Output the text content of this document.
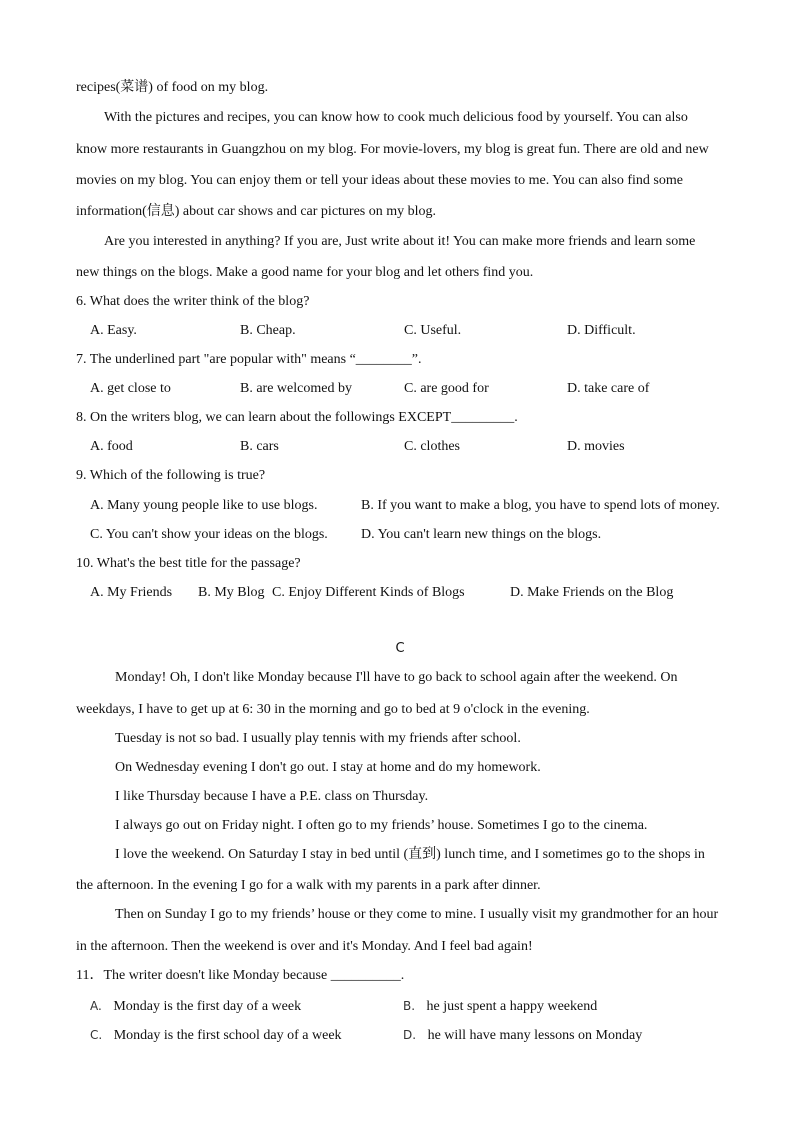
recipes(菜谱) of food on my blog.
With the pictures and recipes, you can know how to cook much delicious food by yourself. You can also
know more restaurants in Guangzhou on my blog. For movie-lovers, my blog is great fun. There are old and new
movies on my blog. You can enjoy them or tell your ideas about these movies to me. You can also find some
information(信息) about car shows and car pictures on my blog.
Are you interested in anything? If you are, Just write about it! You can make more friends and learn some
new things on the blogs. Make a good name for your blog and let others find you.
6. What does the writer think of the blog?
A. Easy.	B. Cheap.	C. Useful.	D. Difficult.
7. The underlined part "are popular with" means “________”.
A. get close to	B. are welcomed by	C. are good for	D. take care of
8. On the writers blog, we can learn about the followings EXCEPT_________.
A. food	B. cars	C. clothes	D. movies
9. Which of the following is true?
A. Many young people like to use blogs.	B. If you want to make a blog, you have to spend lots of money.
C. You can't show your ideas on the blogs. D. You can't learn new things on the blogs.
10. What's the best title for the passage?
A. My Friends B. My Blog C. Enjoy Different Kinds of Blogs	D. Make Friends on the Blog
C
Monday! Oh, I don't like Monday because I'll have to go back to school again after the weekend. On
weekdays, I have to get up at 6: 30 in the morning and go to bed at 9 o'clock in the evening.
Tuesday is not so bad. I usually play tennis with my friends after school.
On Wednesday evening I don't go out. I stay at home and do my homework.
I like Thursday because I have a P.E. class on Thursday.
I always go out on Friday night. I often go to my friends’ house. Sometimes I go to the cinema.
I love the weekend. On Saturday I stay in bed until (直到) lunch time, and I sometimes go to the shops in
the afternoon. In the evening I go for a walk with my parents in a park after dinner.
Then on Sunday I go to my friends’ house or they come to mine. I usually visit my grandmother for an hour
in the afternoon. Then the weekend is over and it's Monday. And I feel bad again!
11．The writer doesn't like Monday because __________.
A. Monday is the first day of a week	B. he just spent a happy weekend
C. Monday is the first school day of a week	D. he will have many lessons on Monday
